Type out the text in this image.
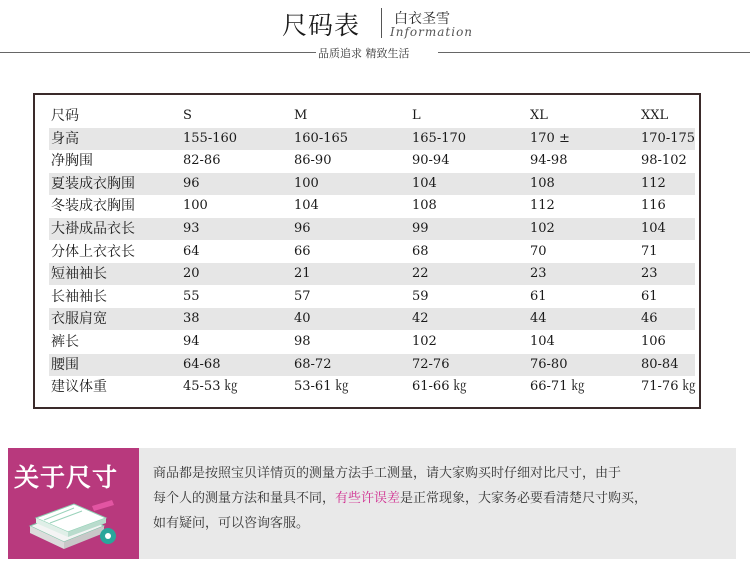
尺码表 白衣圣雪
Information
品质追求 精致生活
尺码	S	M	L	XL	XXL
身高	155-160	160-165	165-170	170 ±	170-175
净胸围	82-86	86-90	90-94	94-98	98-102
夏装成衣胸围	96	100	104	108	112
冬装成衣胸围	100	104	108	112	116
大褂成品衣长	93	96	99	102	104
分体上衣衣长	64	66	68	70	71
短袖袖长	20	21	22	23	23
长袖袖长	55	57	59	61	61
衣服肩宽	38	40	42	44	46
裤长	94	98	102	104	106
腰围	64-68	68-72	72-76	76-80	80-84
建议体重	45-53 ㎏	53-61 ㎏	61-66 ㎏	66-71 ㎏	71-76 ㎏
关于尺寸	商品都是按照宝贝详情页的测量方法手工测量，请大家购买时仔细对比尺寸，由于
每个人的测量方法和量具不同，有些许误差是正常现象，大家务必要看清楚尺寸购买，
如有疑问，可以咨询客服。
